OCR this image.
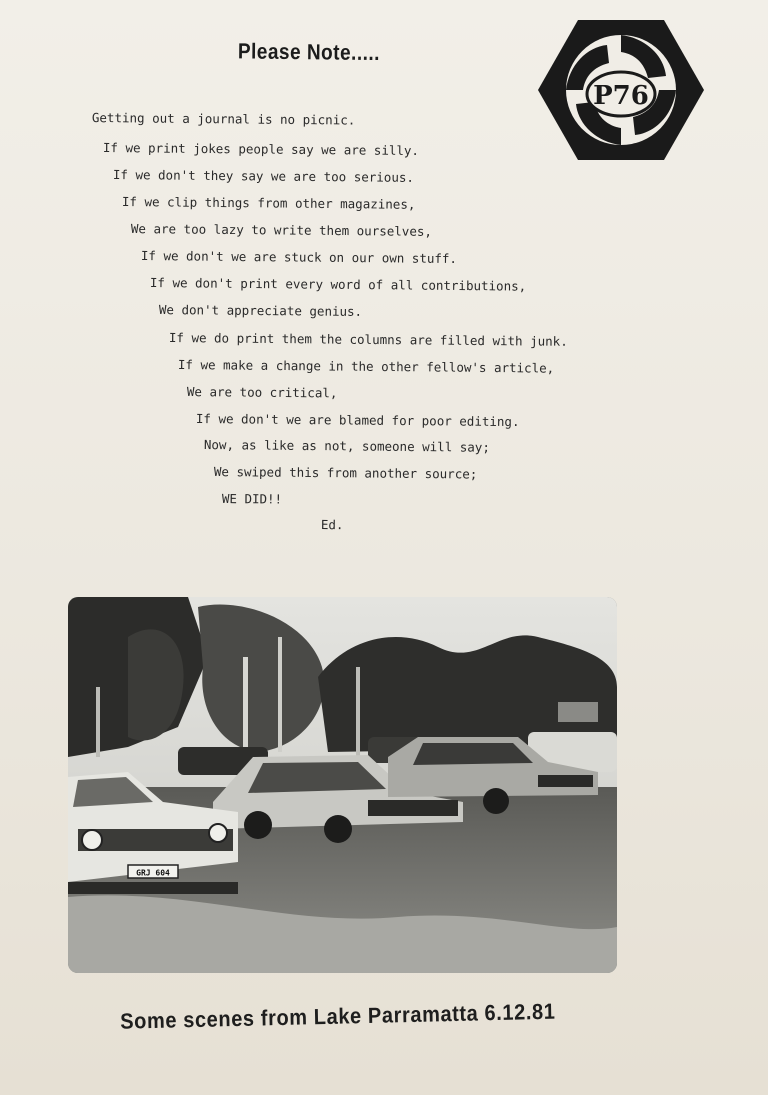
Please Note.....
P76
Getting out a journal is no picnic.
If we print jokes people say we are silly.
If we don't they say we are too serious.
If we clip things from other magazines,
We are too lazy to write them ourselves,
If we don't we are stuck on our own stuff.
If we don't print every word of all contributions,
We don't appreciate genius.
If we do print them the columns are filled with junk.
If we make a change in the other fellow's article,
We are too critical,
If we don't we are blamed for poor editing.
Now, as like as not, someone will say;
We swiped this from another source;
WE DID!!
Ed.
GRJ 604
Some scenes from Lake Parramatta 6.12.81
